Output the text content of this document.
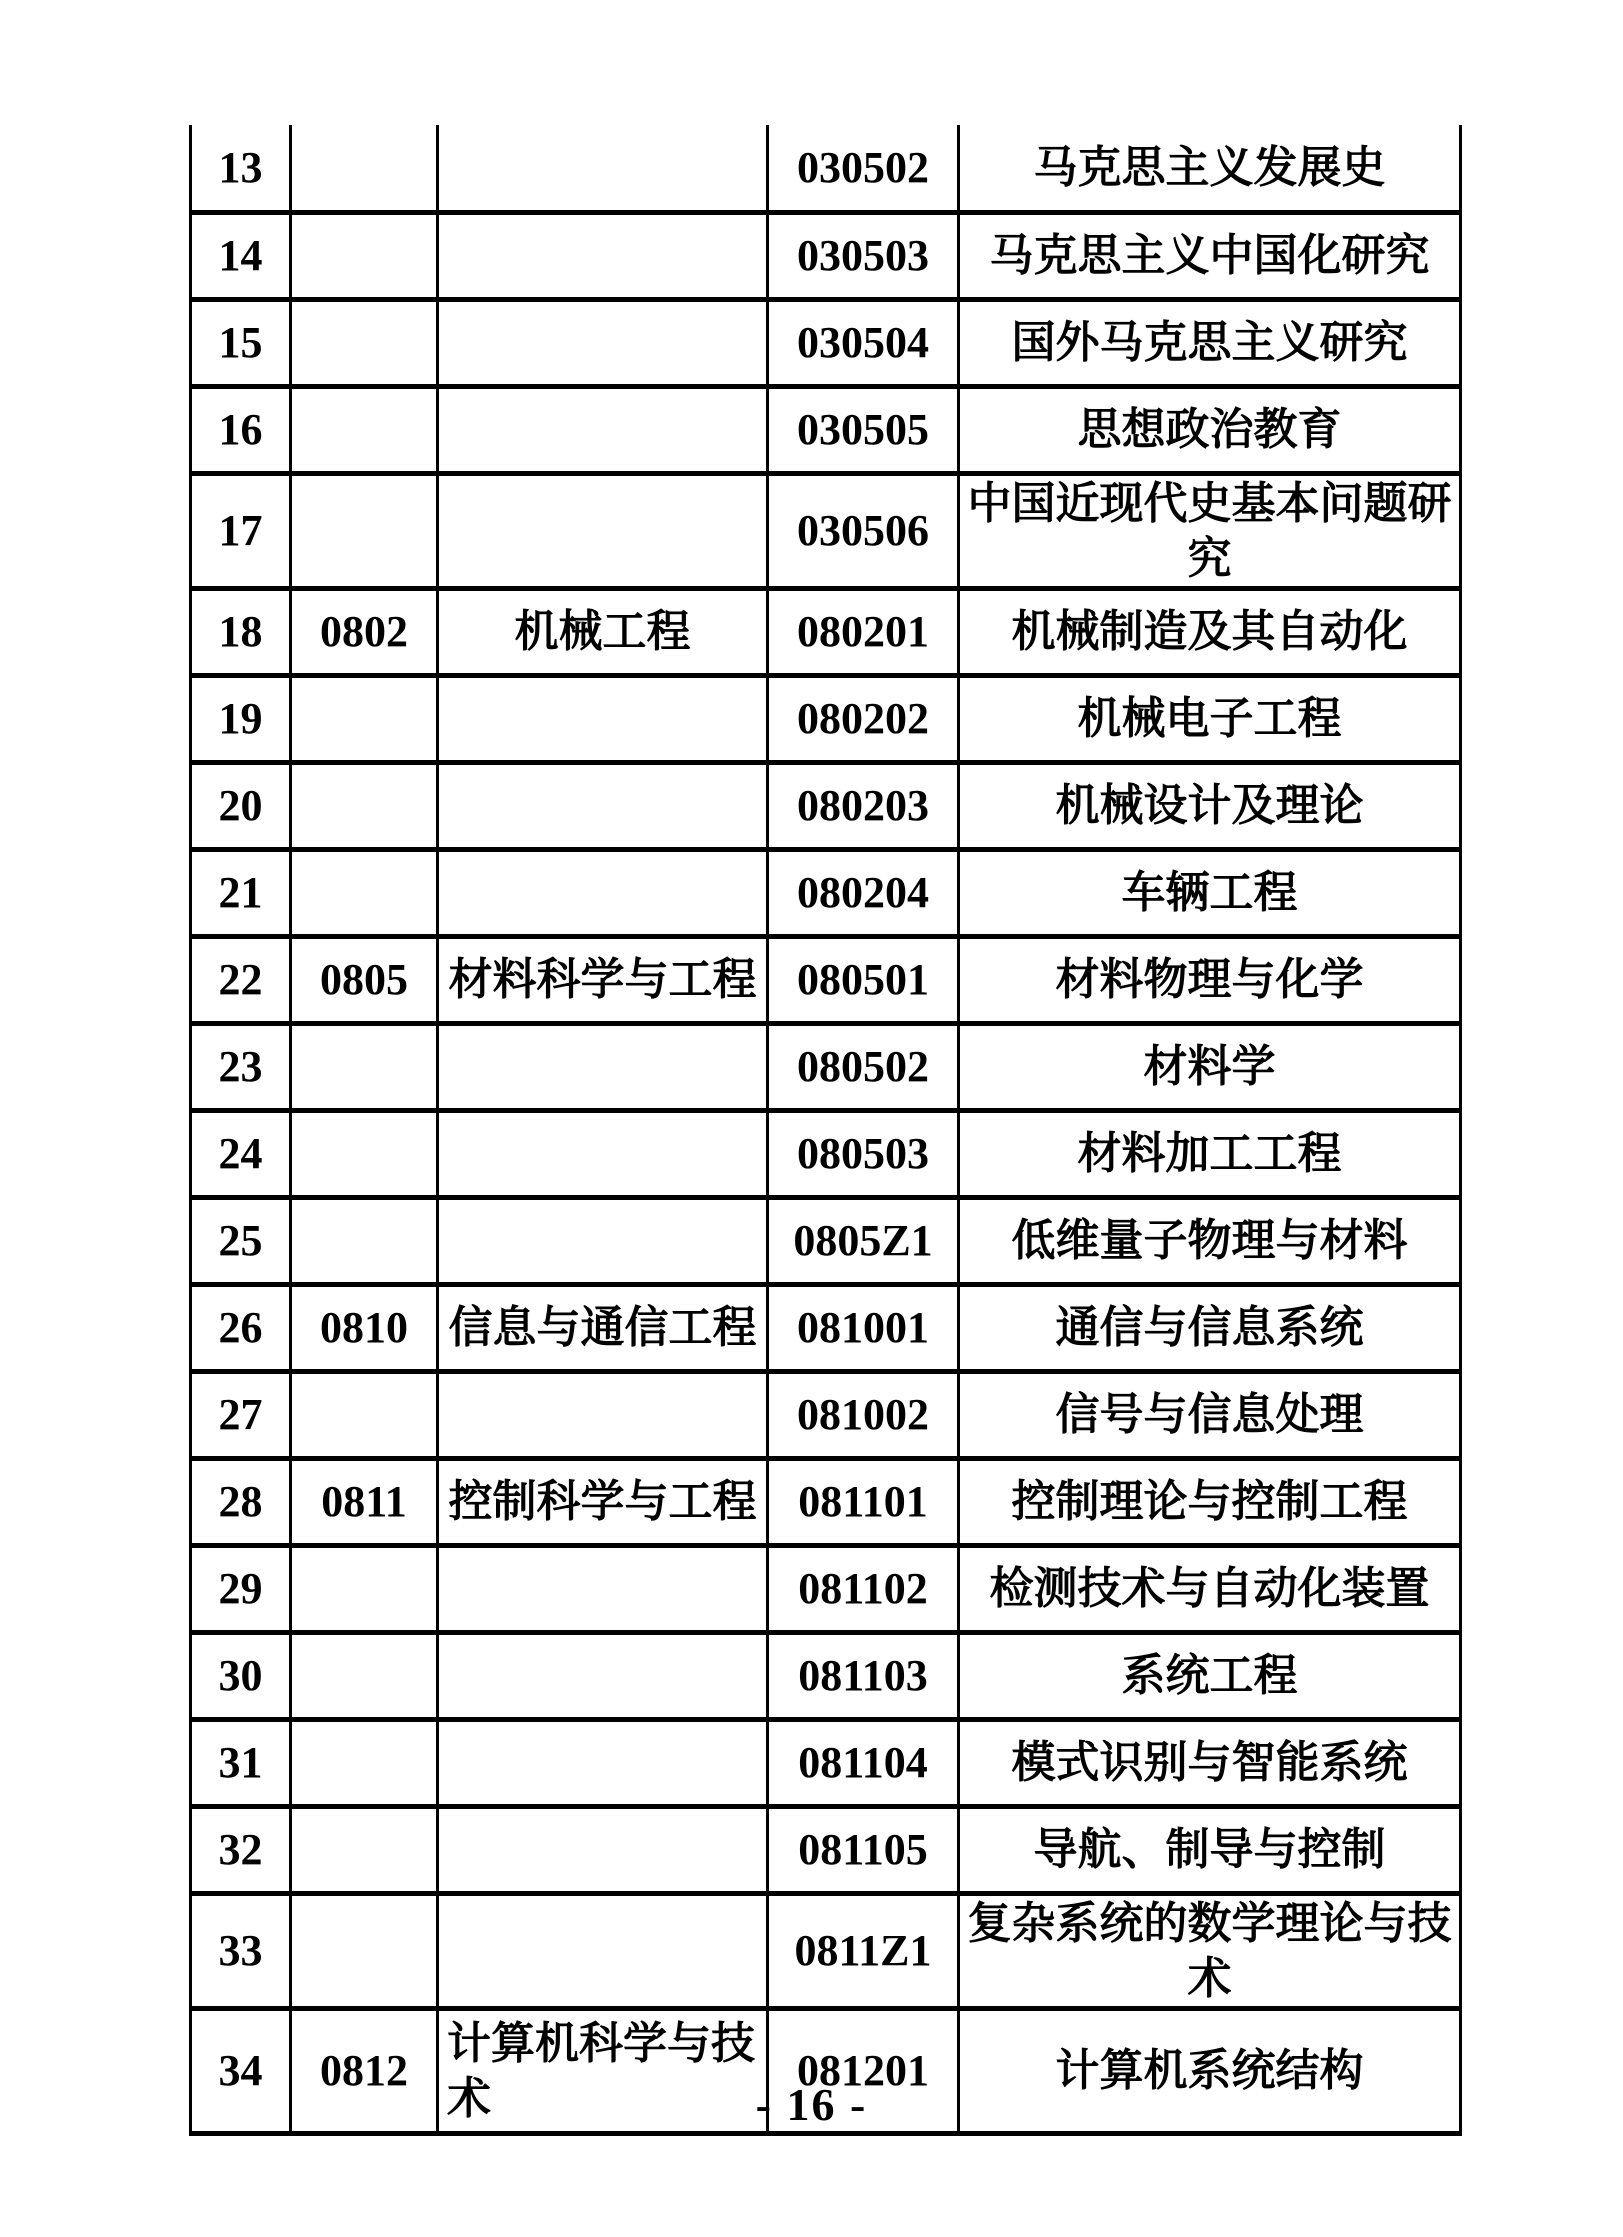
13			030502	马克思主义发展史
14			030503	马克思主义中国化研究
15			030504	国外马克思主义研究
16			030505	思想政治教育
17			030506	中国近现代史基本问题研究
18	0802	机械工程	080201	机械制造及其自动化
19			080202	机械电子工程
20			080203	机械设计及理论
21			080204	车辆工程
22	0805	材料科学与工程	080501	材料物理与化学
23			080502	材料学
24			080503	材料加工工程
25			0805Z1	低维量子物理与材料
26	0810	信息与通信工程	081001	通信与信息系统
27			081002	信号与信息处理
28	0811	控制科学与工程	081101	控制理论与控制工程
29			081102	检测技术与自动化装置
30			081103	系统工程
31			081104	模式识别与智能系统
32			081105	导航、制导与控制
33			0811Z1	复杂系统的数学理论与技术
34	0812	计算机科学与技术	081201	计算机系统结构
- 16 -
